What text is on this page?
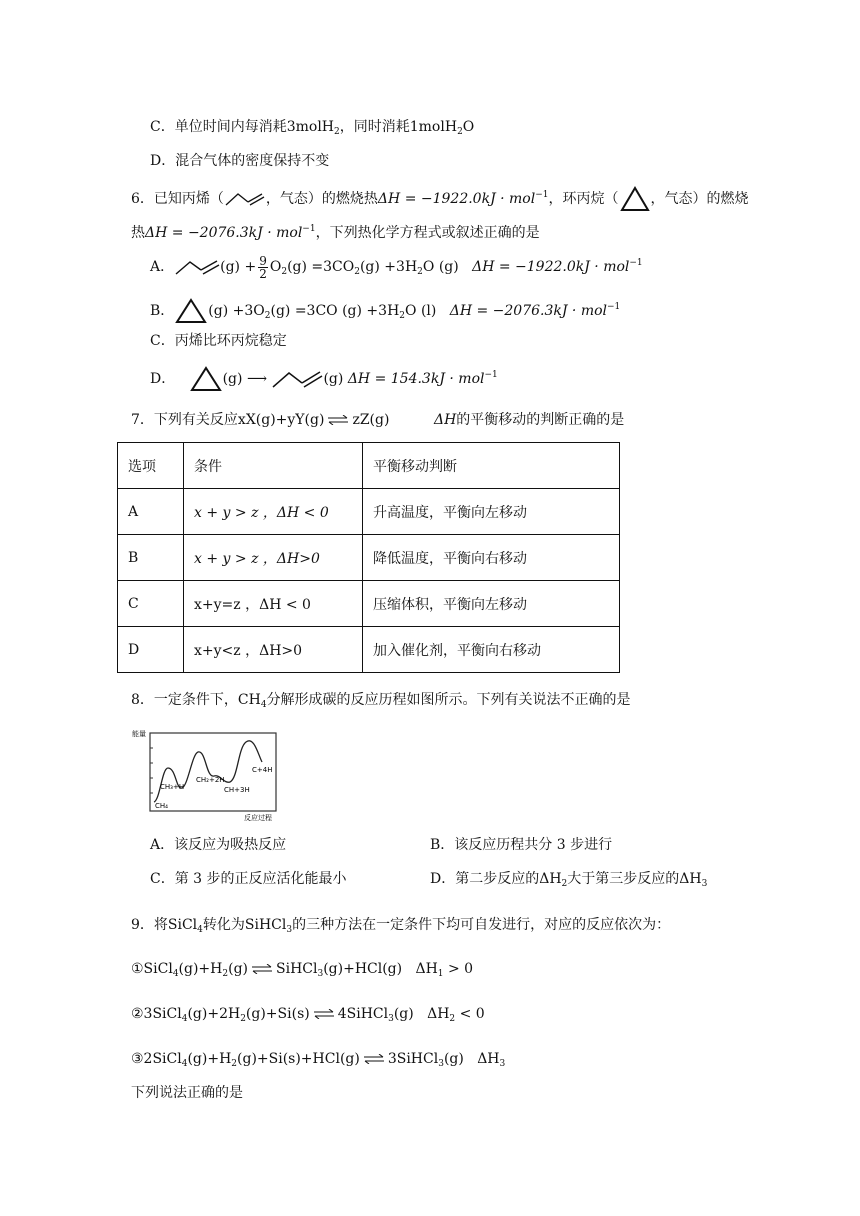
C．单位时间内每消耗3molH$_2$，同时消耗1molH$_2$O
D．混合气体的密度保持不变
6．已知丙烯（	，气态）的燃烧热ΔH = −1922.0kJ · mol$^{-1}$，环丙烷（ ，气态）的燃烧
热ΔH = −2076.3kJ · mol$^{-1}$，下列热化学方程式或叙述正确的是
A．	$(g) + \frac{9}{2} O_2(g) =3CO_2(g) +3H_2O$ (g) ΔH = −1922.0kJ · mol$^{-1}$
B． $(g) +3O_2(g) =3CO$ $(g) +3H_2O$ (l) ΔH = −2076.3kJ · mol$^{-1}$
C．丙烯比环丙烷稳定
D．	(g) ⟶	(g) ΔH = 154.3kJ · mol$^{-1}$
7．下列有关反应xX(g)+yY(g) ⇌ zZ(g)	ΔH的平衡移动的判断正确的是
选项	条件	平衡移动判断
A	x + y > z ，ΔH < 0	升高温度，平衡向左移动
B	x + y > z ，ΔH>0	降低温度，平衡向右移动
C	x+y=z ，ΔH < 0	压缩体积，平衡向左移动
D	x+y<z ，ΔH>0	加入催化剂，平衡向右移动
8．一定条件下，$CH_4$分解形成碳的反应历程如图所示。下列有关说法不正确的是
能量
反应过程
CH₄
CH₃+H
CH₂+2H
CH+3H
C+4H
A．该反应为吸热反应	B．该反应历程共分 3 步进行
C．第 3 步的正反应活化能最小	D．第二步反应的$\Delta H_2$大于第三步反应的$\Delta H_3$
9．将SiCl$_4$转化为SiHCl$_3$的三种方法在一定条件下均可自发进行，对应的反应依次为：
$①SiCl_4(g)+H_2(g)$ ⇌ SiHCl$_3$(g)+HCl(g) $\Delta H_1 > 0$
$②3SiCl_4(g)+2H_2(g)+Si(s)$ ⇌ 4SiHCl$_3$(g) $\Delta H_2 < 0$
$③2SiCl_4(g)+H_2(g)+Si(s)+HCl(g)$ ⇌ 3SiHCl$_3$(g) $\Delta H_3$
下列说法正确的是
